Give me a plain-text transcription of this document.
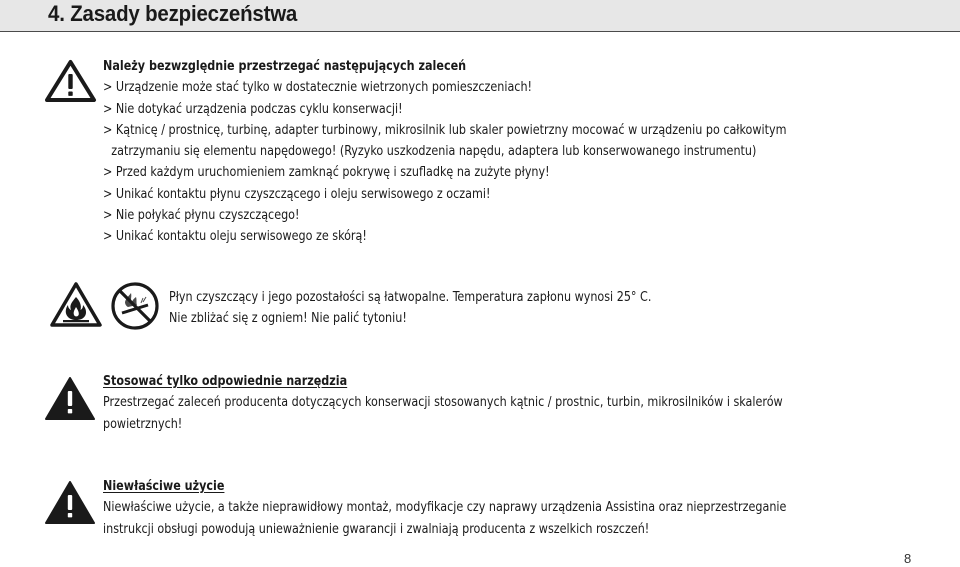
4. Zasady bezpieczeństwa
Należy bezwzględnie przestrzegać następujących zaleceń
> Urządzenie może stać tylko w dostatecznie wietrzonych pomieszczeniach!
> Nie dotykać urządzenia podczas cyklu konserwacji!
> Kątnicę / prostnicę, turbinę, adapter turbinowy, mikrosilnik lub skaler powietrzny mocować w urządzeniu po całkowitym
zatrzymaniu się elementu napędowego! (Ryzyko uszkodzenia napędu, adaptera lub konserwowanego instrumentu)
> Przed każdym uruchomieniem zamknąć pokrywę i szufladkę na zużyte płyny!
> Unikać kontaktu płynu czyszczącego i oleju serwisowego z oczami!
> Nie połykać płynu czyszczącego!
> Unikać kontaktu oleju serwisowego ze skórą!
Płyn czyszczący i jego pozostałości są łatwopalne. Temperatura zapłonu wynosi 25° C.
Nie zbliżać się z ogniem! Nie palić tytoniu!
Stosować tylko odpowiednie narzędzia
Przestrzegać zaleceń producenta dotyczących konserwacji stosowanych kątnic / prostnic, turbin, mikrosilników i skalerów
powietrznych!
Niewłaściwe użycie
Niewłaściwe użycie, a także nieprawidłowy montaż, modyfikacje czy naprawy urządzenia Assistina oraz nieprzestrzeganie
instrukcji obsługi powodują unieważnienie gwarancji i zwalniają producenta z wszelkich roszczeń!
8
